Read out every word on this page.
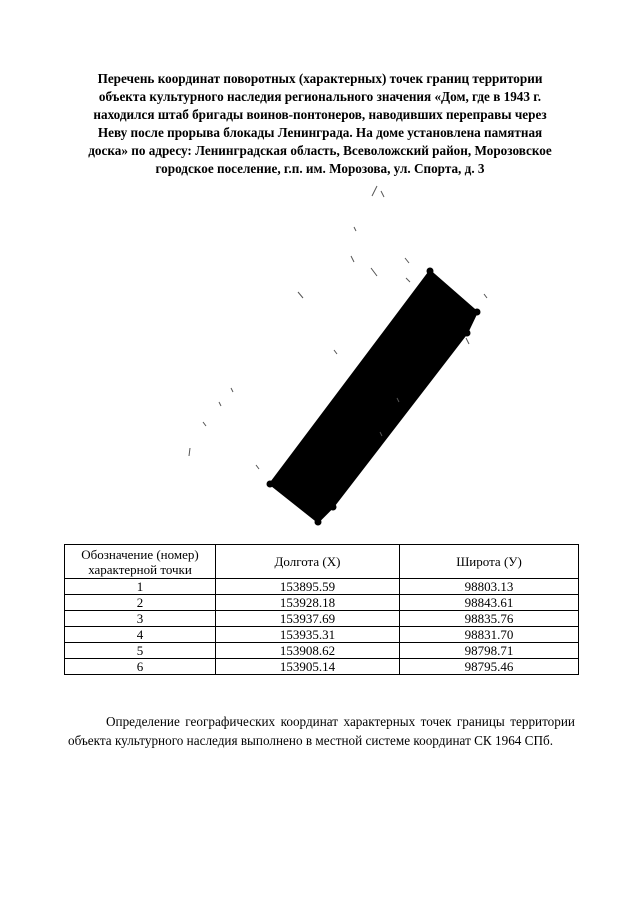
Перечень координат поворотных (характерных) точек границ территории
объекта культурного наследия регионального значения «Дом, где в 1943 г.
находился штаб бригады воинов-понтонеров, наводивших переправы через
Неву после прорыва блокады Ленинграда. На доме установлена памятная
доска» по адресу: Ленинградская область, Всеволожский район, Морозовское
городское поселение, г.п. им. Морозова, ул. Спорта, д. 3
Обозначение (номер) характерной точки	Долгота (X)	Широта (У)
1	153895.59	98803.13
2	153928.18	98843.61
3	153937.69	98835.76
4	153935.31	98831.70
5	153908.62	98798.71
6	153905.14	98795.46

Определение географических координат характерных точек границы территории объекта культурного наследия выполнено в местной системе координат СК 1964 СПб.
